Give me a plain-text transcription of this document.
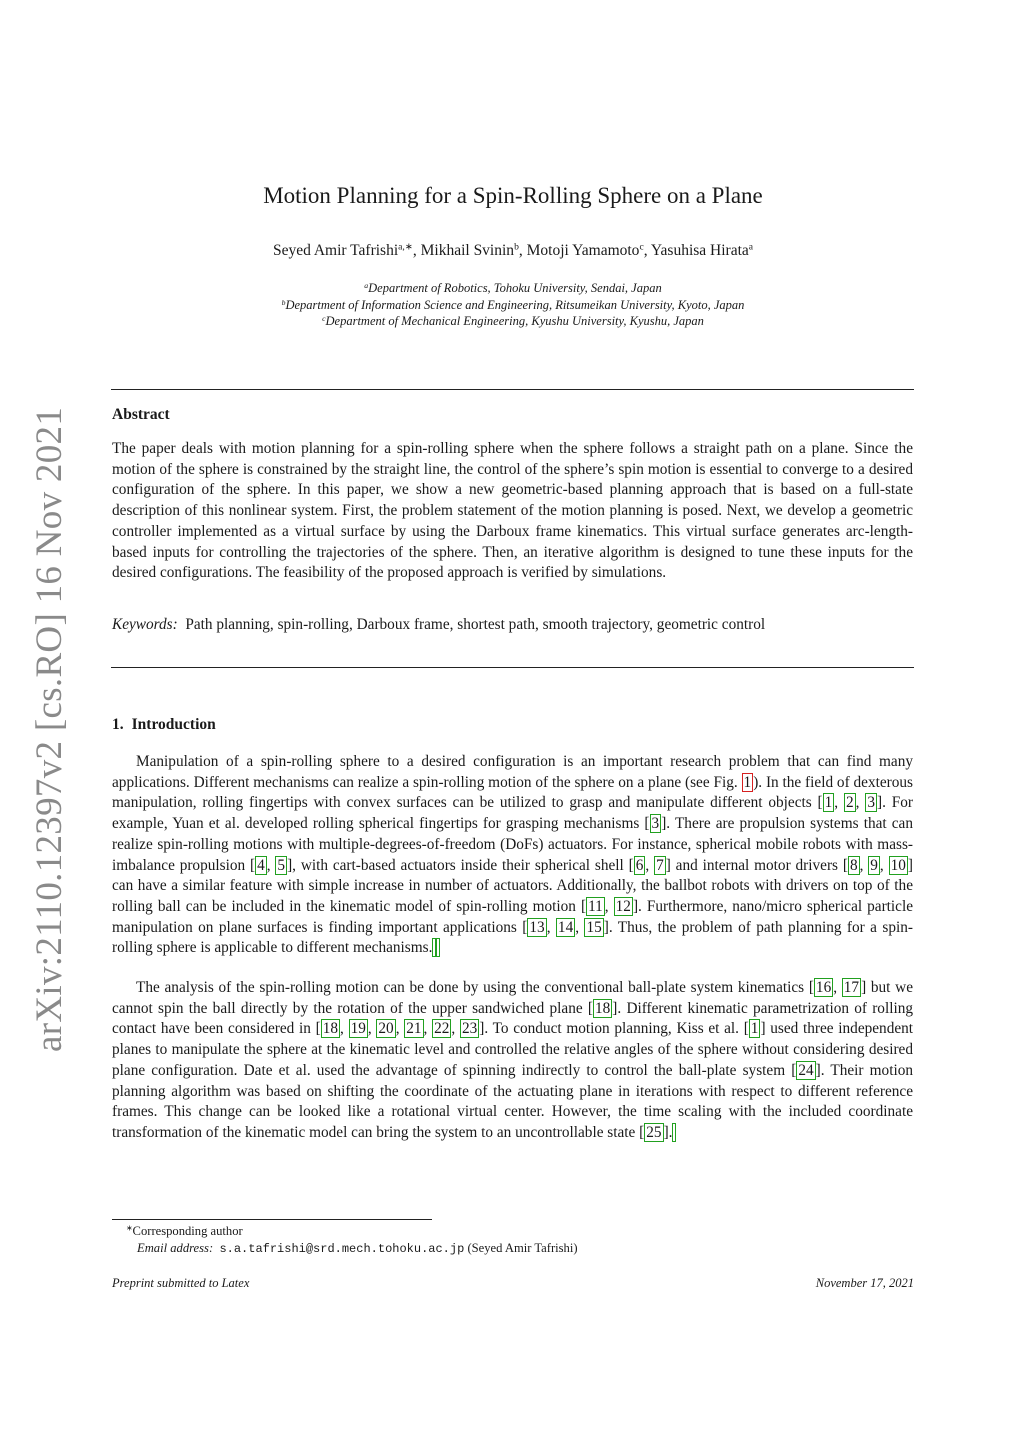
arXiv:2110.12397v2 [cs.RO] 16 Nov 2021
Motion Planning for a Spin-Rolling Sphere on a Plane
Seyed Amir Tafrishi$^{a,∗}$, Mikhail Svinin$^b$, Motoji Yamamoto$^c$, Yasuhisa Hirata$^a$
$^a$Department of Robotics, Tohoku University, Sendai, Japan
$^b$Department of Information Science and Engineering, Ritsumeikan University, Kyoto, Japan
$^c$Department of Mechanical Engineering, Kyushu University, Kyushu, Japan
Abstract

The paper deals with motion planning for a spin-rolling sphere when the sphere follows a straight path on a plane. Since the motion of the sphere is constrained by the straight line, the control of the sphere’s spin motion is essential to converge to a desired configuration of the sphere. In this paper, we show a new geometric-based planning approach that is based on a full-state description of this nonlinear system. First, the problem statement of the motion planning is posed. Next, we develop a geometric controller implemented as a virtual surface by using the Darboux frame kinematics. This virtual surface generates arc-length-based inputs for controlling the trajectories of the sphere. Then, an iterative algorithm is designed to tune these inputs for the desired configurations. The feasibility of the proposed approach is verified by simulations.

Keywords: Path planning, spin-rolling, Darboux frame, shortest path, smooth trajectory, geometric control

1. Introduction

Manipulation of a spin-rolling sphere to a desired configuration is an important research problem that can find many applications. Different mechanisms can realize a spin-rolling motion of the sphere on a plane (see Fig. 1 ). In the field of dexterous manipulation, rolling fingertips with convex surfaces can be utilized to grasp and manipulate different objects [ 1 , 2 , 3 ]. For example, Yuan et al. developed rolling spherical fingertips for grasping mechanisms [ 3 ]. There are propulsion systems that can realize spin-rolling motions with multiple-degrees-of-freedom (DoFs) actuators. For instance, spherical mobile robots with mass-imbalance propulsion [ 4 , 5 ], with cart-based actuators inside their spherical shell [ 6 , 7 ] and internal motor drivers [ 8 , 9 , 10 ] can have a similar feature with simple increase in number of actuators. Additionally, the ballbot robots with drivers on top of the rolling ball can be included in the kinematic model of spin-rolling motion [ 11 , 12 ]. Furthermore, nano/micro spherical particle manipulation on plane surfaces is finding important applications [ 13 , 14 , 15 ]. Thus, the problem of path planning for a spin-rolling sphere is applicable to different mechanisms.

The analysis of the spin-rolling motion can be done by using the conventional ball-plate system kinematics [ 16 , 17 ] but we cannot spin the ball directly by the rotation of the upper sandwiched plane [ 18 ]. Different kinematic parametrization of rolling contact have been considered in [ 18 , 19 , 20 , 21 , 22 , 23 ]. To conduct motion planning, Kiss et al. [ 1 ] used three independent planes to manipulate the sphere at the kinematic level and controlled the relative angles of the sphere without considering desired plane configuration. Date et al. used the advantage of spinning indirectly to control the ball-plate system [ 24 ]. Their motion planning algorithm was based on shifting the coordinate of the actuating plane in iterations with respect to different reference frames. This change can be looked like a rotational virtual center. However, the time scaling with the included coordinate transformation of the kinematic model can bring the system to an uncontrollable state [ 25 ].

∗Corresponding author
Email address: s.a.tafrishi@srd.mech.tohoku.ac.jp (Seyed Amir Tafrishi)
Preprint submitted to Latex	November 17, 2021
